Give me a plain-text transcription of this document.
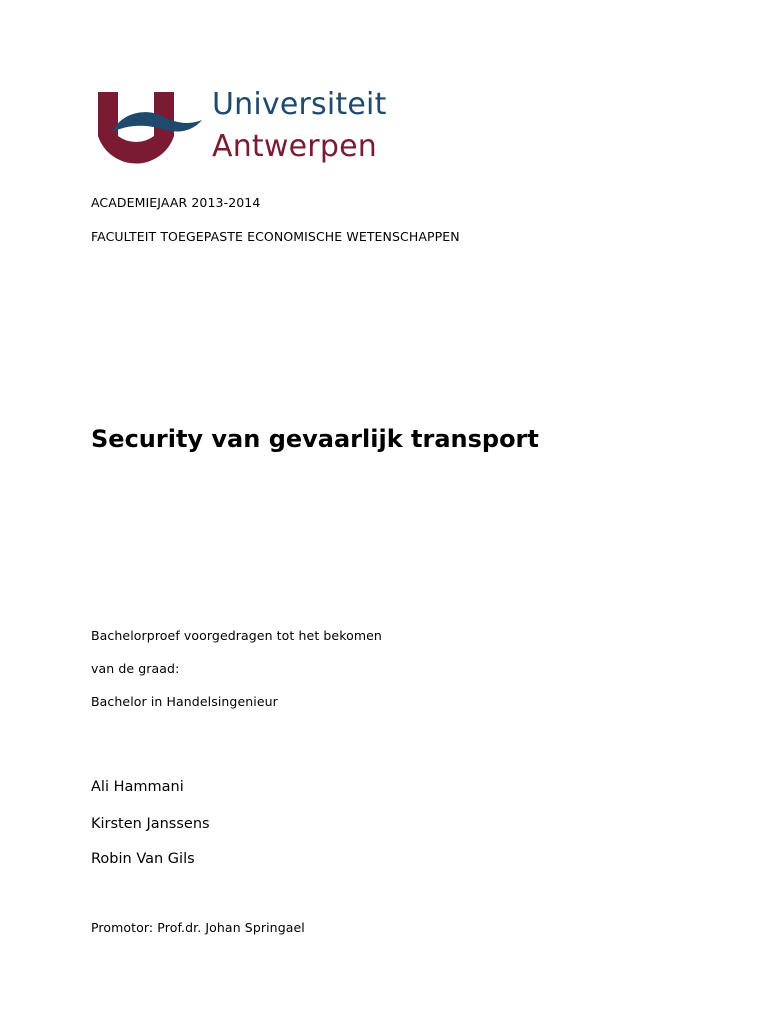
Universiteit
Antwerpen
ACADEMIEJAAR 2013-2014
FACULTEIT TOEGEPASTE ECONOMISCHE WETENSCHAPPEN
Security van gevaarlijk transport
Bachelorproef voorgedragen tot het bekomen
van de graad:
Bachelor in Handelsingenieur
Ali Hammani
Kirsten Janssens
Robin Van Gils
Promotor: Prof.dr. Johan Springael
